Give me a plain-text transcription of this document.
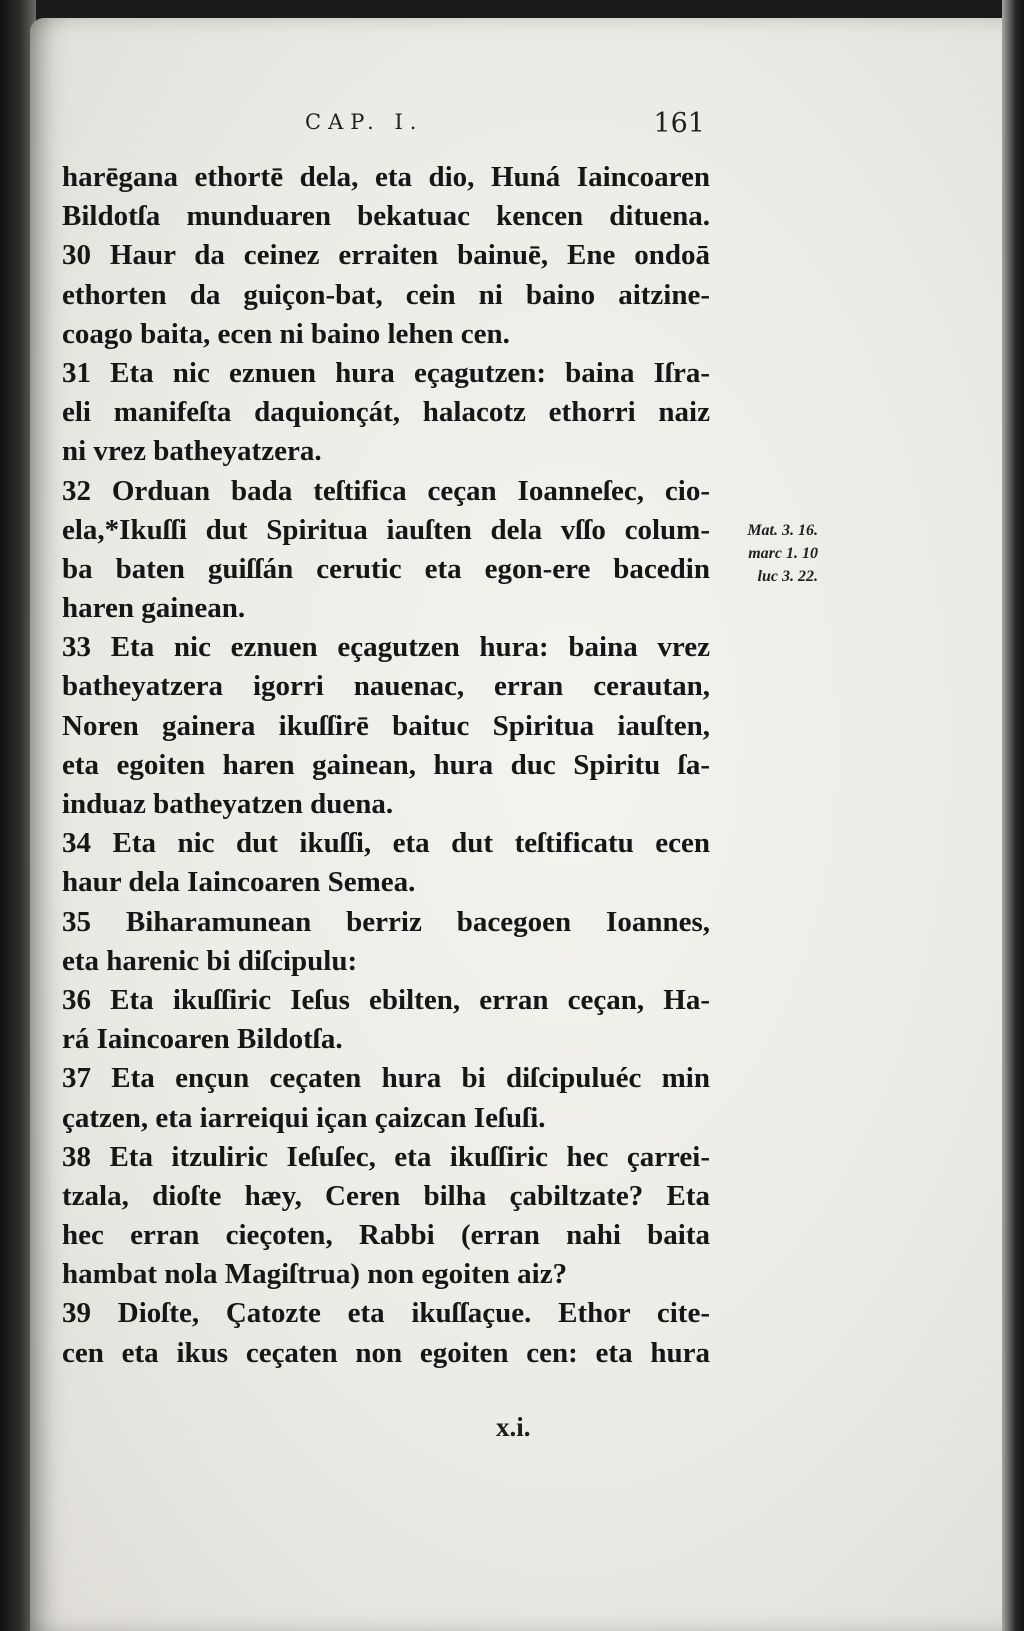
CAP. I.	161
harēgana ethortē dela, eta dio, Huná Iaincoaren
Bildotſa munduaren bekatuac kencen dituena.
30 Haur da ceinez erraiten bainuē, Ene ondoā
ethorten da guiçon-bat, cein ni baino aitzine-
coago baita, ecen ni baino lehen cen.
31 Eta nic eznuen hura eçagutzen: baina Iſra-
eli manifeſta daquionçát, halacotz ethorri naiz
ni vrez batheyatzera.
32 Orduan bada teſtifica ceçan Ioanneſec, cio-
ela,*Ikuſſi dut Spiritua iauſten dela vſſo colum-
ba baten guiſſán cerutic eta egon-ere bacedin
haren gainean.
33 Eta nic eznuen eçagutzen hura: baina vrez
batheyatzera igorri nauenac, erran cerautan,
Noren gainera ikuſſirē baituc Spiritua iauſten,
eta egoiten haren gainean, hura duc Spiritu ſa-
induaz batheyatzen duena.
34 Eta nic dut ikuſſi, eta dut teſtificatu ecen
haur dela Iaincoaren Semea.
35 Biharamunean berriz bacegoen Ioannes,
eta harenic bi diſcipulu:
36 Eta ikuſſiric Ieſus ebilten, erran ceçan, Ha-
rá Iaincoaren Bildotſa.
37 Eta ençun ceçaten hura bi diſcipuluéc min
çatzen, eta iarreiqui içan çaizcan Ieſuſi.
38 Eta itzuliric Ieſuſec, eta ikuſſiric hec çarrei-
tzala, dioſte hæy, Ceren bilha çabiltzate? Eta
hec erran cieçoten, Rabbi (erran nahi baita
hambat nola Magiſtrua) non egoiten aiz?
39 Dioſte, Çatozte eta ikuſſaçue. Ethor cite-
cen eta ikus ceçaten non egoiten cen: eta hura
Mat. 3. 16.
marc 1. 10
luc 3. 22.
x.i.
